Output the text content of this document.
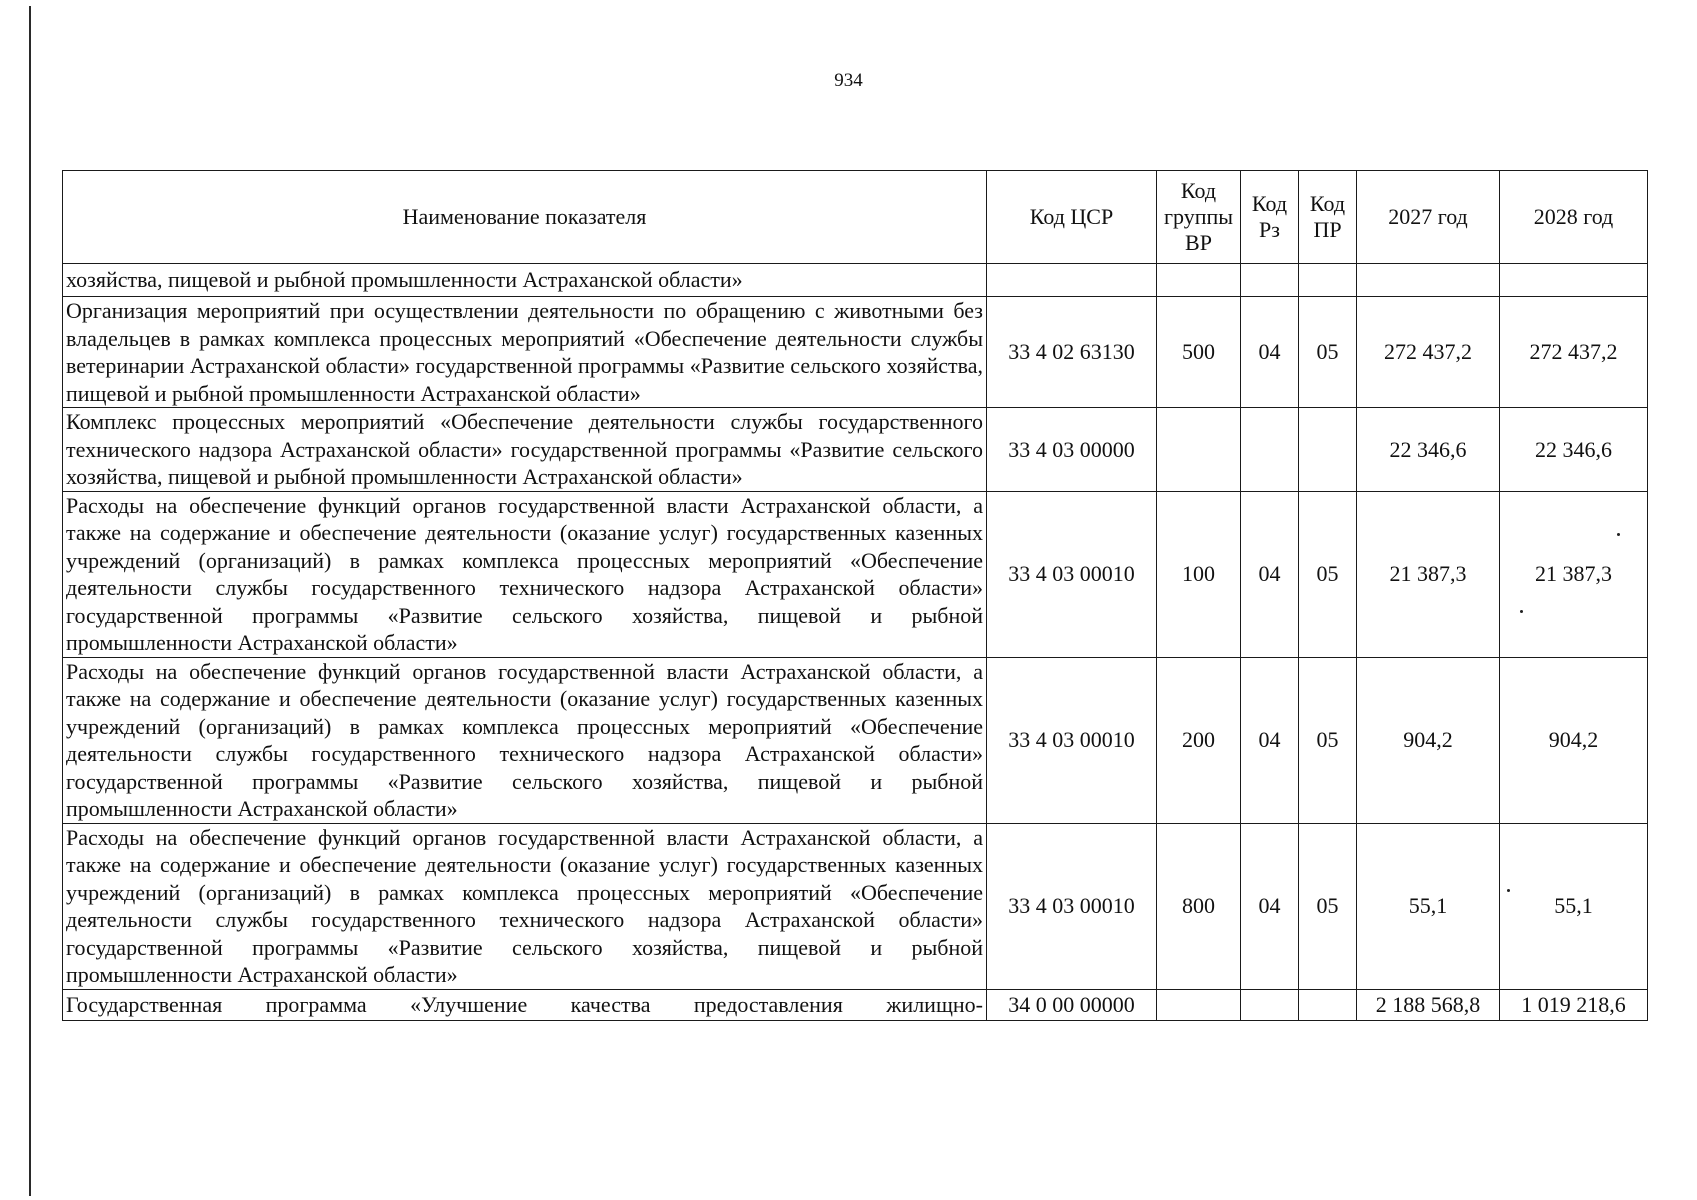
934
Наименование показателя	Код ЦСР	Код группы ВР	Код Рз	Код ПР	2027 год	2028 год
хозяйства, пищевой и рыбной промышленности Астраханской области»						
Организация мероприятий при осуществлении деятельности по обращению с животными без владельцев в рамках комплекса процессных мероприятий «Обеспечение деятельности службы ветеринарии Астраханской области» государственной программы «Развитие сельского хозяйства, пищевой и рыбной промышленности Астраханской области»	33 4 02 63130	500	04	05	272 437,2	272 437,2
Комплекс процессных мероприятий «Обеспечение деятельности службы государственного технического надзора Астраханской области» государственной программы «Развитие сельского хозяйства, пищевой и рыбной промышленности Астраханской области»	33 4 03 00000				22 346,6	22 346,6
Расходы на обеспечение функций органов государственной власти Астраханской области, а также на содержание и обеспечение деятельности (оказание услуг) государственных казенных учреждений (организаций) в рамках комплекса процессных мероприятий «Обеспечение деятельности службы государственного технического надзора Астраханской области» государственной программы «Развитие сельского хозяйства, пищевой и рыбной промышленности Астраханской области»	33 4 03 00010	100	04	05	21 387,3	21 387,3
Расходы на обеспечение функций органов государственной власти Астраханской области, а также на содержание и обеспечение деятельности (оказание услуг) государственных казенных учреждений (организаций) в рамках комплекса процессных мероприятий «Обеспечение деятельности службы государственного технического надзора Астраханской области» государственной программы «Развитие сельского хозяйства, пищевой и рыбной промышленности Астраханской области»	33 4 03 00010	200	04	05	904,2	904,2
Расходы на обеспечение функций органов государственной власти Астраханской области, а также на содержание и обеспечение деятельности (оказание услуг) государственных казенных учреждений (организаций) в рамках комплекса процессных мероприятий «Обеспечение деятельности службы государственного технического надзора Астраханской области» государственной программы «Развитие сельского хозяйства, пищевой и рыбной промышленности Астраханской области»	33 4 03 00010	800	04	05	55,1	55,1
Государственная программа «Улучшение качества предоставления жилищно-	34 0 00 00000				2 188 568,8	1 019 218,6
